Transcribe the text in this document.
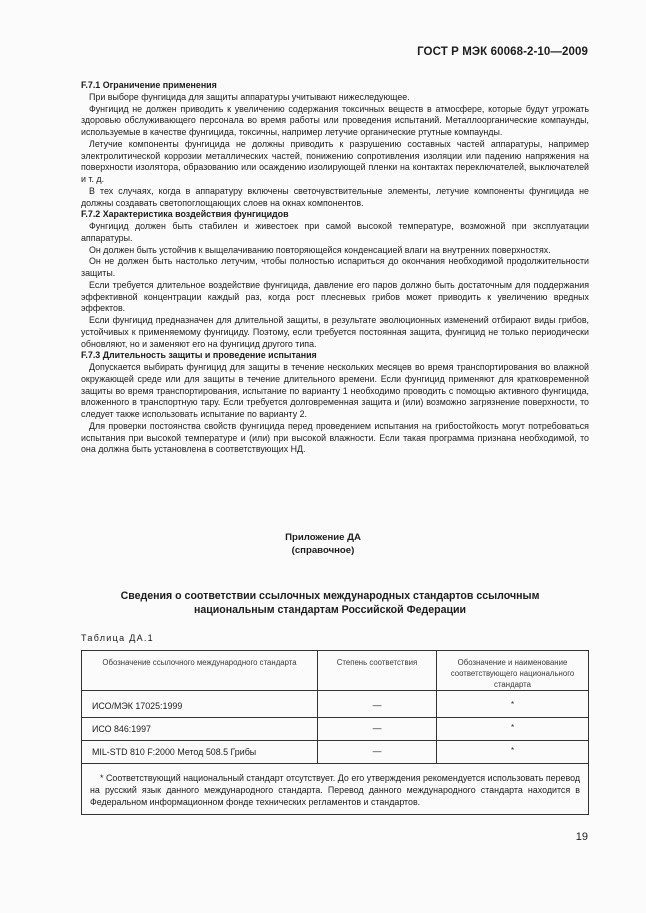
ГОСТ Р МЭК 60068-2-10—2009
F.7.1 Ограничение применения

При выборе фунгицида для защиты аппаратуры учитывают нижеследующее.

Фунгицид не должен приводить к увеличению содержания токсичных веществ в атмосфере, которые будут угрожать здоровью обслуживающего персонала во время работы или проведения испытаний. Металлоорганические компаунды, используемые в качестве фунгицида, токсичны, например летучие органические ртутные компаунды.

Летучие компоненты фунгицида не должны приводить к разрушению составных частей аппаратуры, например электролитической коррозии металлических частей, понижению сопротивления изоляции или падению напряжения на поверхности изолятора, образованию или осаждению изолирующей пленки на контактах переключателей, выключателей и т. д.

В тех случаях, когда в аппаратуру включены светочувствительные элементы, летучие компоненты фунгицида не должны создавать светопоглощающих слоев на окнах компонентов.

F.7.2 Характеристика воздействия фунгицидов

Фунгицид должен быть стабилен и живестоек при самой высокой температуре, возможной при эксплуатации аппаратуры.

Он должен быть устойчив к выщелачиванию повторяющейся конденсацией влаги на внутренних поверхностях.

Он не должен быть настолько летучим, чтобы полностью испариться до окончания необходимой продолжительности защиты.

Если требуется длительное воздействие фунгицида, давление его паров должно быть достаточным для поддержания эффективной концентрации каждый раз, когда рост плесневых грибов может приводить к увеличению вредных эффектов.

Если фунгицид предназначен для длительной защиты, в результате эволюционных изменений отбирают виды грибов, устойчивых к применяемому фунгициду. Поэтому, если требуется постоянная защита, фунгицид не только периодически обновляют, но и заменяют его на фунгицид другого типа.

F.7.3 Длительность защиты и проведение испытания

Допускается выбирать фунгицид для защиты в течение нескольких месяцев во время транспортирования во влажной окружающей среде или для защиты в течение длительного времени. Если фунгицид применяют для кратковременной защиты во время транспортирования, испытание по варианту 1 необходимо проводить с помощью активного фунгицида, вложенного в транспортную тару. Если требуется долговременная защита и (или) возможно загрязнение поверхности, то следует также использовать испытание по варианту 2.

Для проверки постоянства свойств фунгицида перед проведением испытания на грибостойкость могут потребоваться испытания при высокой температуре и (или) при высокой влажности. Если такая программа признана необходимой, то она должна быть установлена в соответствующих НД.

Приложение ДА
(справочное)
Сведения о соответствии ссылочных международных стандартов ссылочным
национальным стандартам Российской Федерации
Таблица ДА.1
Обозначение ссылочного международного стандарта	Степень соответствия	Обозначение и наименование соответствующего национального стандарта
ИСО/МЭК 17025:1999	—	*
ИСО 846:1997	—	*
MIL-STD 810 F:2000 Метод 508.5 Грибы	—	*
* Соответствующий национальный стандарт отсутствует. До его утверждения рекомендуется использовать перевод на русский язык данного международного стандарта. Перевод данного международного стандарта находится в Федеральном информационном фонде технических регламентов и стандартов.		
19
